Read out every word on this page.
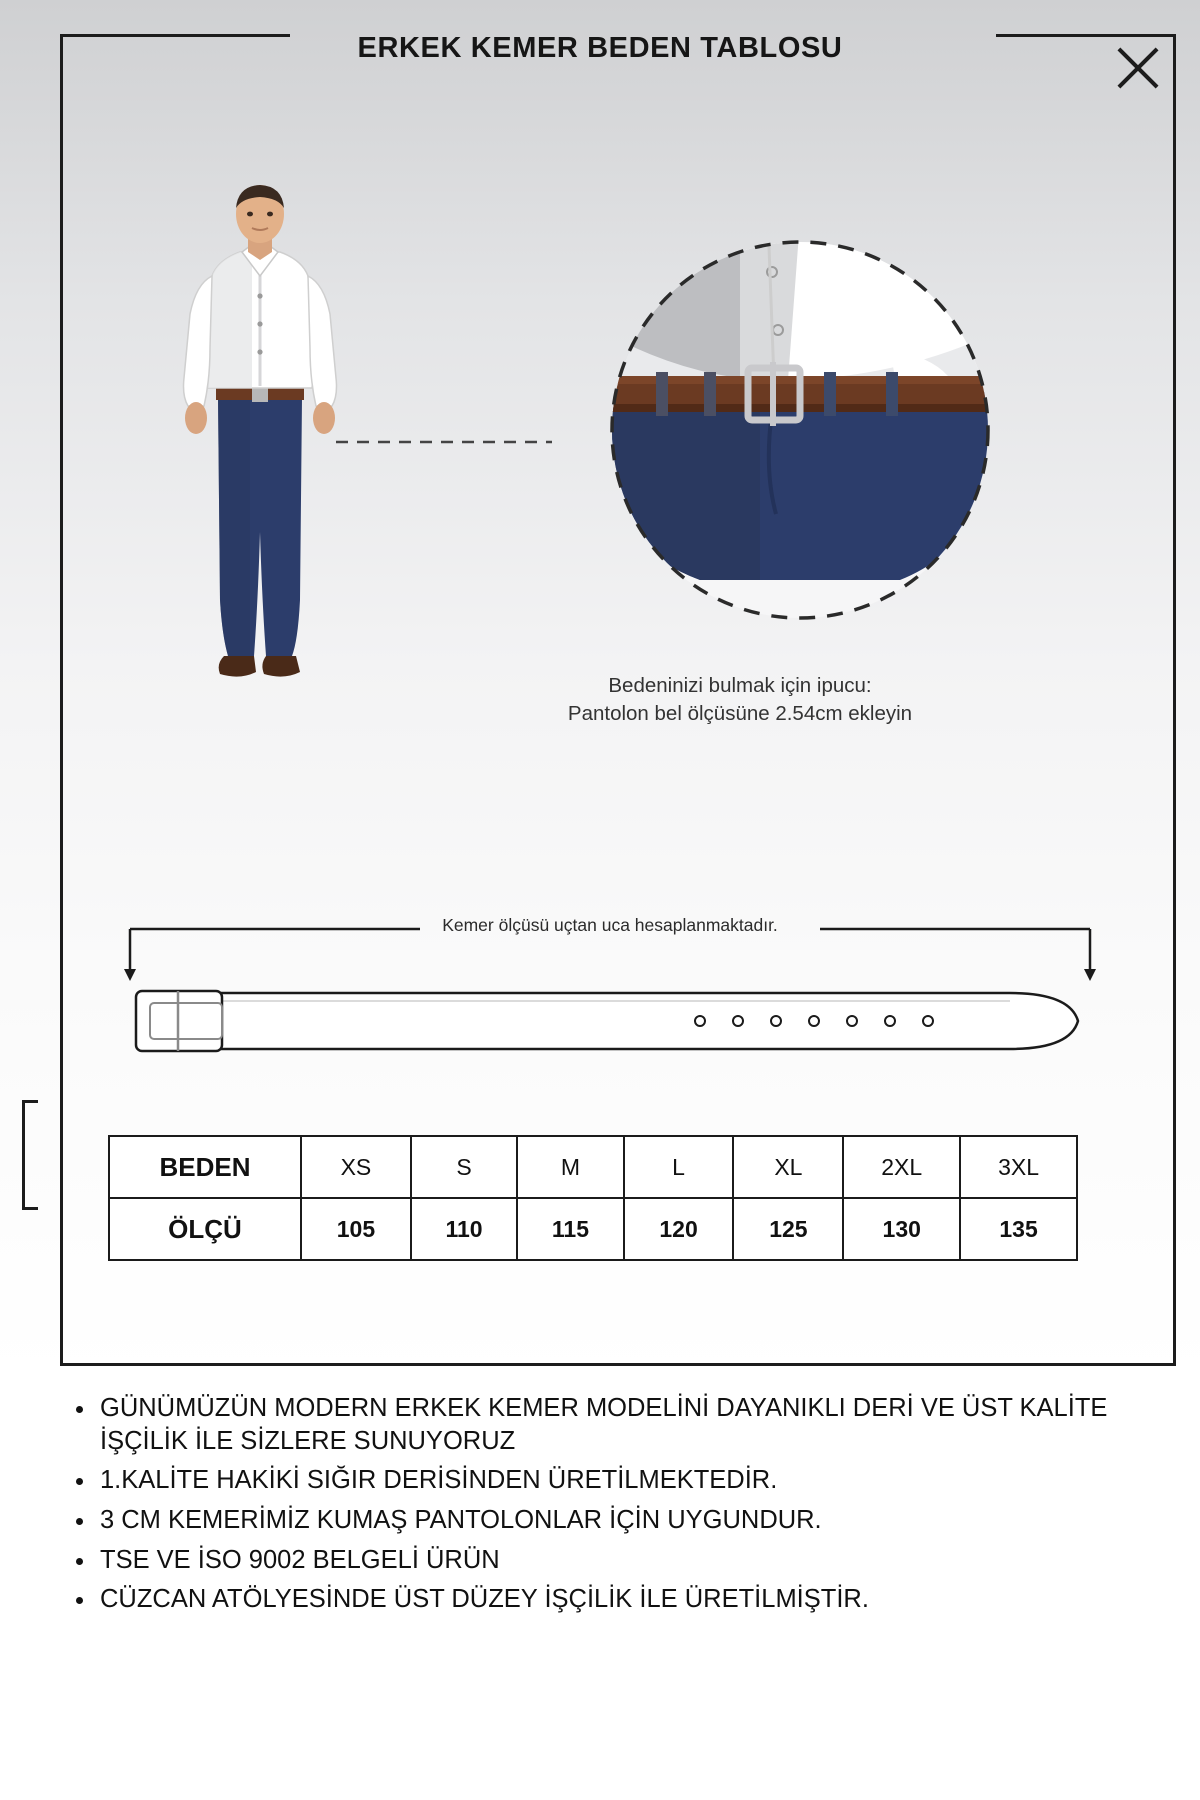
ERKEK KEMER BEDEN TABLOSU
Bedeninizi bulmak için ipucu:
Pantolon bel ölçüsüne 2.54cm ekleyin
Kemer ölçüsü uçtan uca hesaplanmaktadır.
BEDEN	XS	S	M	L	XL	2XL	3XL
ÖLÇÜ	105	110	115	120	125	130	135
GÜNÜMÜZÜN MODERN ERKEK KEMER MODELİNİ DAYANIKLI DERİ VE ÜST KALİTE İŞÇİLİK İLE SİZLERE SUNUYORUZ
1.KALİTE HAKİKİ SIĞIR DERİSİNDEN ÜRETİLMEKTEDİR.
3 CM KEMERİMİZ KUMAŞ PANTOLONLAR İÇİN UYGUNDUR.
TSE VE İSO 9002 BELGELİ ÜRÜN
CÜZCAN ATÖLYESİNDE ÜST DÜZEY İŞÇİLİK İLE ÜRETİLMİŞTİR.
